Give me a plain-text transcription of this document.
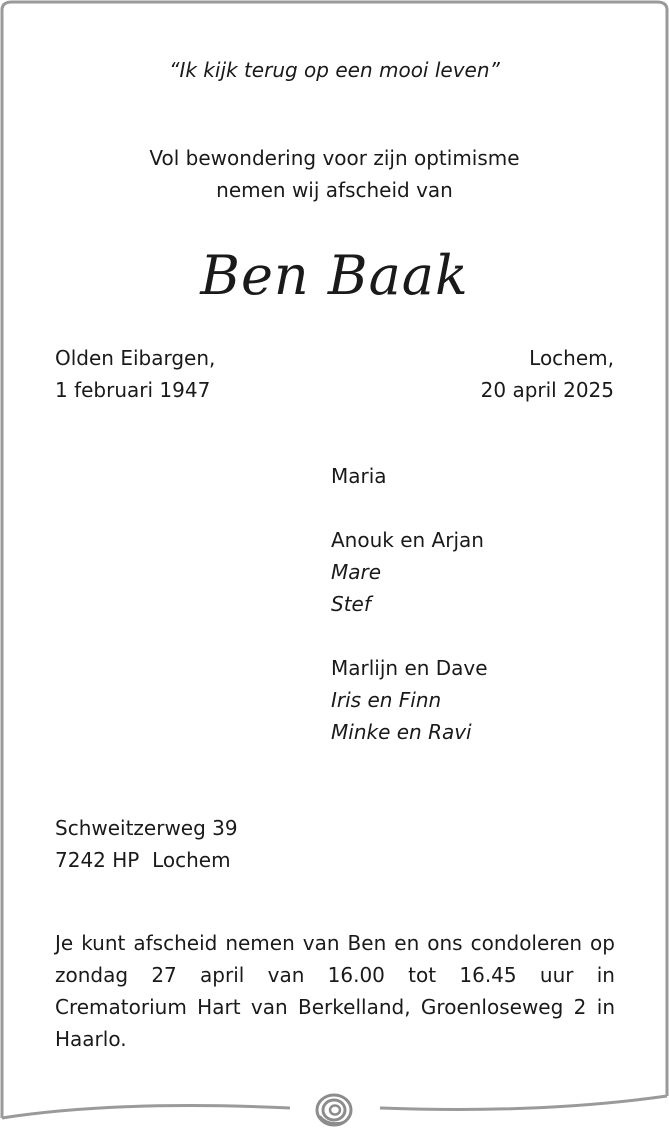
“Ik kijk terug op een mooi leven”
Vol bewondering voor zijn optimisme
nemen wij afscheid van
Ben Baak
Olden Eibargen,
1 februari 1947
Lochem,
20 april 2025
Maria
Anouk en Arjan
Mare
Stef
Marlijn en Dave
Iris en Finn
Minke en Ravi
Schweitzerweg 39
7242 HP  Lochem
Je kunt afscheid nemen van Ben en ons condoleren op zondag 27 april van 16.00 tot 16.45 uur in Crematorium Hart van Berkelland, Groenloseweg 2 in Haarlo.
